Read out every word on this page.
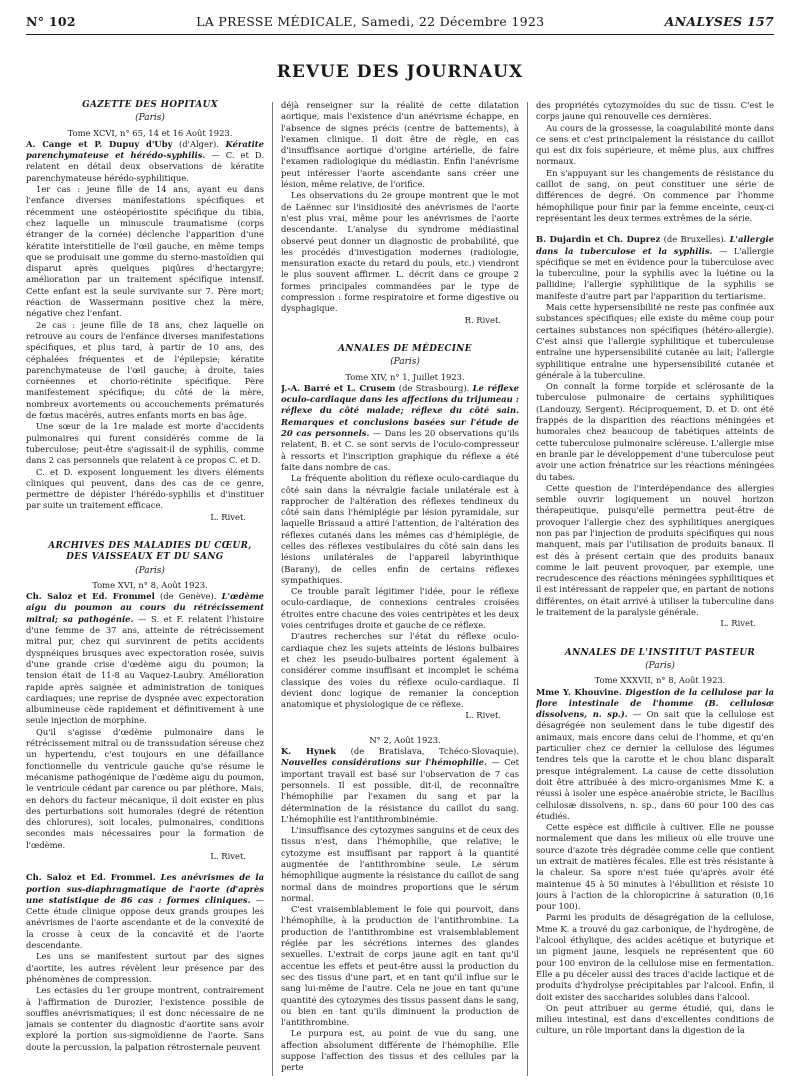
N° 102	LA PRESSE MÉDICALE, Samedi, 22 Décembre 1923	ANALYSES 157
REVUE DES JOURNAUX

GAZETTE DES HOPITAUX

(Paris)

Tome XCVI, n° 65, 14 et 16 Août 1923.

A. Cange et P. Dupuy d'Uby (d'Alger). Kératite parenchymateuse et hérédo-syphilis. — C. et D. relatent en détail deux observations de kératite parenchymateuse hérédo-syphilitique.

1er cas : jeune fille de 14 ans, ayant eu dans l'enfance diverses manifestations spécifiques et récemment une ostéopériostite spécifique du tibia, chez laquelle un minuscule traumatisme (corps étranger de la cornée) déclenche l'apparition d'une kératite interstitielle de l'œil gauche, en même temps que se produisait une gomme du sterno-mastoïdien qui disparut après quelques piqûres d'hectargyre; amélioration par un traitement spécifique intensif. Cette enfant est la seule survivante sur 7. Père mort; réaction de Wassermann positive chez la mère, négative chez l'enfant.

2e cas : jeune fille de 18 ans, chez laquelle on retrouve au cours de l'enfance diverses manifestations spécifiques, et plus tard, à partir de 10 ans, des céphalées fréquentes et de l'épilepsie; kératite parenchymateuse de l'œil gauche; à droite, taies cornéennes et chorio-rétinite spécifique. Père manifestement spécifique; du côté de la mère, nombreux avortements ou accouchements prématurés de fœtus macérés, autres enfants morts en bas âge.

Une sœur de la 1re malade est morte d'accidents pulmonaires qui furent considérés comme de la tuberculose; peut-être s'agissait-il de syphilis, comme dans 2 cas personnels que relatent à ce propos C. et D.

C. et D. exposent longuement les divers éléments cliniques qui peuvent, dans des cas de ce genre, permettre de dépister l'hérédo-syphilis et d'instituer par suite un traitement efficace.

L. Rivet.

ARCHIVES DES MALADIES DU CŒUR, DES VAISSEAUX ET DU SANG

(Paris)

Tome XVI, n° 8, Août 1923.

Ch. Saloz et Ed. Frommel (de Genève). L'œdème aigu du poumon au cours du rétrécissement mitral; sa pathogénie. — S. et F. relatent l'histoire d'une femme de 37 ans, atteinte de rétrécissement mitral pur, chez qui survinrent de petits accidents dyspnéiques brusques avec expectoration rosée, suivis d'une grande crise d'œdème aigu du poumon; la tension était de 11-8 au Vaquez-Laubry. Amélioration rapide après saignée et administration de toniques cardiaques; une reprise de dyspnée avec expectoration albumineuse cède rapidement et définitivement à une seule injection de morphine.

Qu'il s'agisse d'œdème pulmonaire dans le rétrécissement mitral ou de transsudation séreuse chez un hypertendu, c'est toujours en une défaillance fonctionnelle du ventricule gauche qu'se résume le mécanisme pathogénique de l'œdème aigu du poumon, le ventricule cédant par carence ou par pléthore. Mais, en dehors du facteur mécanique, il doit exister en plus des perturbations soit humorales (degré de rétention des chlorures), soit locales, pulmonaires, conditions secondes mais nécessaires pour la formation de l'œdème.

L. Rivet.

Ch. Saloz et Ed. Frommel. Les anévrismes de la portion sus-diaphragmatique de l'aorte (d'après une statistique de 86 cas : formes cliniques. — Cette étude clinique oppose deux grands groupes les anévrismes de l'aorte ascendante et de la convexité de la crosse à ceux de la concavité et de l'aorte descendante.

Les uns se manifestent surtout par des signes d'aortite, les autres révèlent leur présence par des phénomènes de compression.

Les ectasies du 1er groupe montrent, contrairement à l'affirmation de Durozier, l'existence possible de souffles anévrismatiques; il est donc nécessaire de ne jamais se contenter du diagnostic d'aortite sans avoir exploré la portion sus-sigmoïdienne de l'aorte. Sans doute la percussion, la palpation rétrosternale peuvent

déjà renseigner sur la réalité de cette dilatation aortique, mais l'existence d'un anévrisme échappe, en l'absence de signes précis (centre de battements), à l'examen clinique. Il doit être de règle, en cas d'insuffisance aortique d'origine artérielle, de faire l'examen radiologique du médiastin. Enfin l'anévrisme peut intéresser l'aorte ascendante sans créer une lésion, même relative, de l'orifice.

Les observations du 2e groupe montrent que le mot de Laënnec sur l'insidiosité des anévrismes de l'aorte n'est plus vrai, même pour les anévrismes de l'aorte descendante. L'analyse du syndrome médiastinal observé peut donner un diagnostic de probabilité, que les procédés d'investigation modernes (radiologie, mensuration exacte du retard du pouls, etc.) viendront le plus souvent affirmer. L. décrit dans ce groupe 2 formes principales commandées par le type de compression : forme respiratoire et forme digestive ou dysphagique.

R. Rivet.

ANNALES DE MÉDECINE

(Paris)

Tome XIV, n° 1, Juillet 1923.

J.-A. Barré et L. Crusem (de Strasbourg). Le réflexe oculo-cardiaque dans les affections du trijumeau : réflexe du côté malade; réflexe du côté sain. Remarques et conclusions basées sur l'étude de 20 cas personnels. — Dans les 20 observations qu'ils relatent, B. et C. se sont servis de l'oculo-compresseur à ressorts et l'inscription graphique du réflexe a été faite dans nombre de cas.

La fréquente abolition du réflexe oculo-cardiaque du côté sain dans la névralgie faciale unilatérale est à rapprocher de l'altération des réflexes tendineux du côté sain dans l'hémiplégie par lésion pyramidale, sur laquelle Brissaud a attiré l'attention, de l'altération des réflexes cutanés dans les mêmes cas d'hémiplégie, de celles des réflexes vestibulaires du côté sain dans les lésions unilatérales de l'appareil labyrinthique (Barany), de celles enfin de certains réflexes sympathiques.

Ce trouble paraît légitimer l'idée, pour le réflexe oculo-cardiaque, de connexions centrales croisées étroites entre chacune des voies centripètes et les deux voies centrifuges droite et gauche de ce réflexe.

D'autres recherches sur l'état du réflexe oculo-cardiaque chez les sujets atteints de lésions bulbaires et chez les pseudo-bulbaires portent également à considérer comme insuffisant et incomplet le schéma classique des voies du réflexe oculo-cardiaque. Il devient donc logique de remanier la conception anatomique et physiologique de ce réflexe.

L. Rivet.

N° 2, Août 1923.

K. Hynek (de Bratislava, Tchéco-Slovaquie). Nouvelles considérations sur l'hémophilie. — Cet important travail est basé sur l'observation de 7 cas personnels. Il est possible, dit-il, de reconnaître l'hémophilie par l'examen du sang et par la détermination de la résistance du caillot du sang. L'hémophilie est l'antithrombinémie.

L'insuffisance des cytozymes sanguins et de ceux des tissus n'est, dans l'hémophilie, que relative; le cytozyme est insuffisant par rapport à la quantité augmentée de l'antithrombine seule. Le sérum hémophilique augmente la résistance du caillot de sang normal dans de moindres proportions que le sérum normal.

C'est vraisemblablement le foie qui pourvoit, dans l'hémophilie, à la production de l'antithrombine. La production de l'antithrombine est vraisemblablement réglée par les sécrétions internes des glandes sexuelles. L'extrait de corps jaune agit en tant qu'il accentue les effets et peut-être aussi la production du sec des tissus d'une part, et en tant qu'il influe sur le sang lui-même de l'autre. Cela ne joue en tant qu'une quantité des cytozymes des tissus passent dans le sang, ou bien en tant qu'ils diminuent la production de l'antithrombine.

Le purpura est, au point de vue du sang, une affection absolument différente de l'hémophilie. Elle suppose l'affection des tissus et des cellules par la perte

des propriétés cytozymoïdes du suc de tissu. C'est le corps jaune qui renouvelle ces dernières.

Au cours de la grossesse, la coagulabilité monte dans ce sens et c'est principalement la résistance du caillot qui est dix fois supérieure, et même plus, aux chiffres normaux.

En s'appuyant sur les changements de résistance du caillot de sang, on peut constituer une série de différences de degré. On commence par l'homme hémophilique pour finir par la femme enceinte, ceux-ci représentant les deux termes extrêmes de la série.

B. Dujardin et Ch. Duprez (de Bruxelles). L'allergie dans la tuberculose et la syphilis. — L'allergie spécifique se met en évidence pour la tuberculose avec la tuberculine, pour la syphilis avec la luétine ou la pallidine; l'allergie syphilitique de la syphilis se manifeste d'autre part par l'apparition du tertiarisme.

Mais cette hypersensibilité ne reste pas confinée aux substances spécifiques; elle existe du même coup pour certaines substances non spécifiques (hétéro-allergie). C'est ainsi que l'allergie syphilitique et tuberculeuse entraîne une hypersensibilité cutanée au lait; l'allergie syphilitique entraîne une hypersensibilité cutanée et générale à la tuberculine.

On connaît la forme torpide et sclérosante de la tuberculose pulmonaire de certains syphilitiques (Landouzy, Sergent). Réciproquement, D. et D. ont été frappés de la disparition des réactions méningées et humorales chez beaucoup de tabétiques atteints de cette tuberculose pulmonaire scléreuse. L'allergie mise en branle par le développement d'une tuberculose peut avoir une action frénatrice sur les réactions méningées du tabes.

Cette question de l'interdépendance des allergies semble ouvrir logiquement un nouvel horizon thérapeutique, puisqu'elle permettra peut-être de provoquer l'allergie chez des syphilitiques anergiques non pas par l'injection de produits spécifiques qui nous manquent, mais par l'utilisation de produits banaux. Il est dès à présent certain que des produits banaux comme le lait peuvent provoquer, par exemple, une recrudescence des réactions méningées syphilitiques et il est intéressant de rappeler que, en partant de notions différentes, on était arrivé à utiliser la tuberculine dans le traitement de la paralysie générale.

L. Rivet.

ANNALES DE L'INSTITUT PASTEUR

(Paris)

Tome XXXVII, n° 8, Août 1923.

Mme Y. Khouvine. Digestion de la cellulose par la flore intestinale de l'homme (B. cellulosæ dissolvens, n. sp.). — On sait que la cellulose est désagrégée non seulement dans le tube digestif des animaux, mais encore dans celui de l'homme, et qu'en particulier chez ce dernier la cellulose des légumes tendres tels que la carotte et le chou blanc disparaît presque intégralement. La cause de cette dissolution doit être attribuée à des micro-organismes Mme K. a réussi à isoler une espèce anaérobie stricte, le Bacillus cellulosæ dissolvens, n. sp., dans 60 pour 100 des cas étudiés.

Cette espèce est difficile à cultiver. Elle ne pousse normalement que dans les milieux où elle trouve une source d'azote très dégradée comme celle que contient un extrait de matières fécales. Elle est très résistante à la chaleur. Sa spore n'est tuée qu'après avoir été maintenue 45 à 50 minutes à l'ébullition et résiste 10 jours à l'action de la chloropicrine à saturation (0,16 pour 100).

Parmi les produits de désagrégation de la cellulose, Mme K. a trouvé du gaz carbonique, de l'hydrogène, de l'alcool éthylique, des acides acétique et butyrique et un pigment jaune, lesquels ne représentent que 60 pour 100 environ de la cellulose mise en fermentation. Elle a pu déceler aussi des traces d'acide lactique et de produits d'hydrolyse précipitables par l'alcool. Enfin, il doit exister des saccharides solubles dans l'alcool.

On peut attribuer au germe étudié, qui, dans le milieu intestinal, est dans d'excellentes conditions de culture, un rôle important dans la digestion de la
